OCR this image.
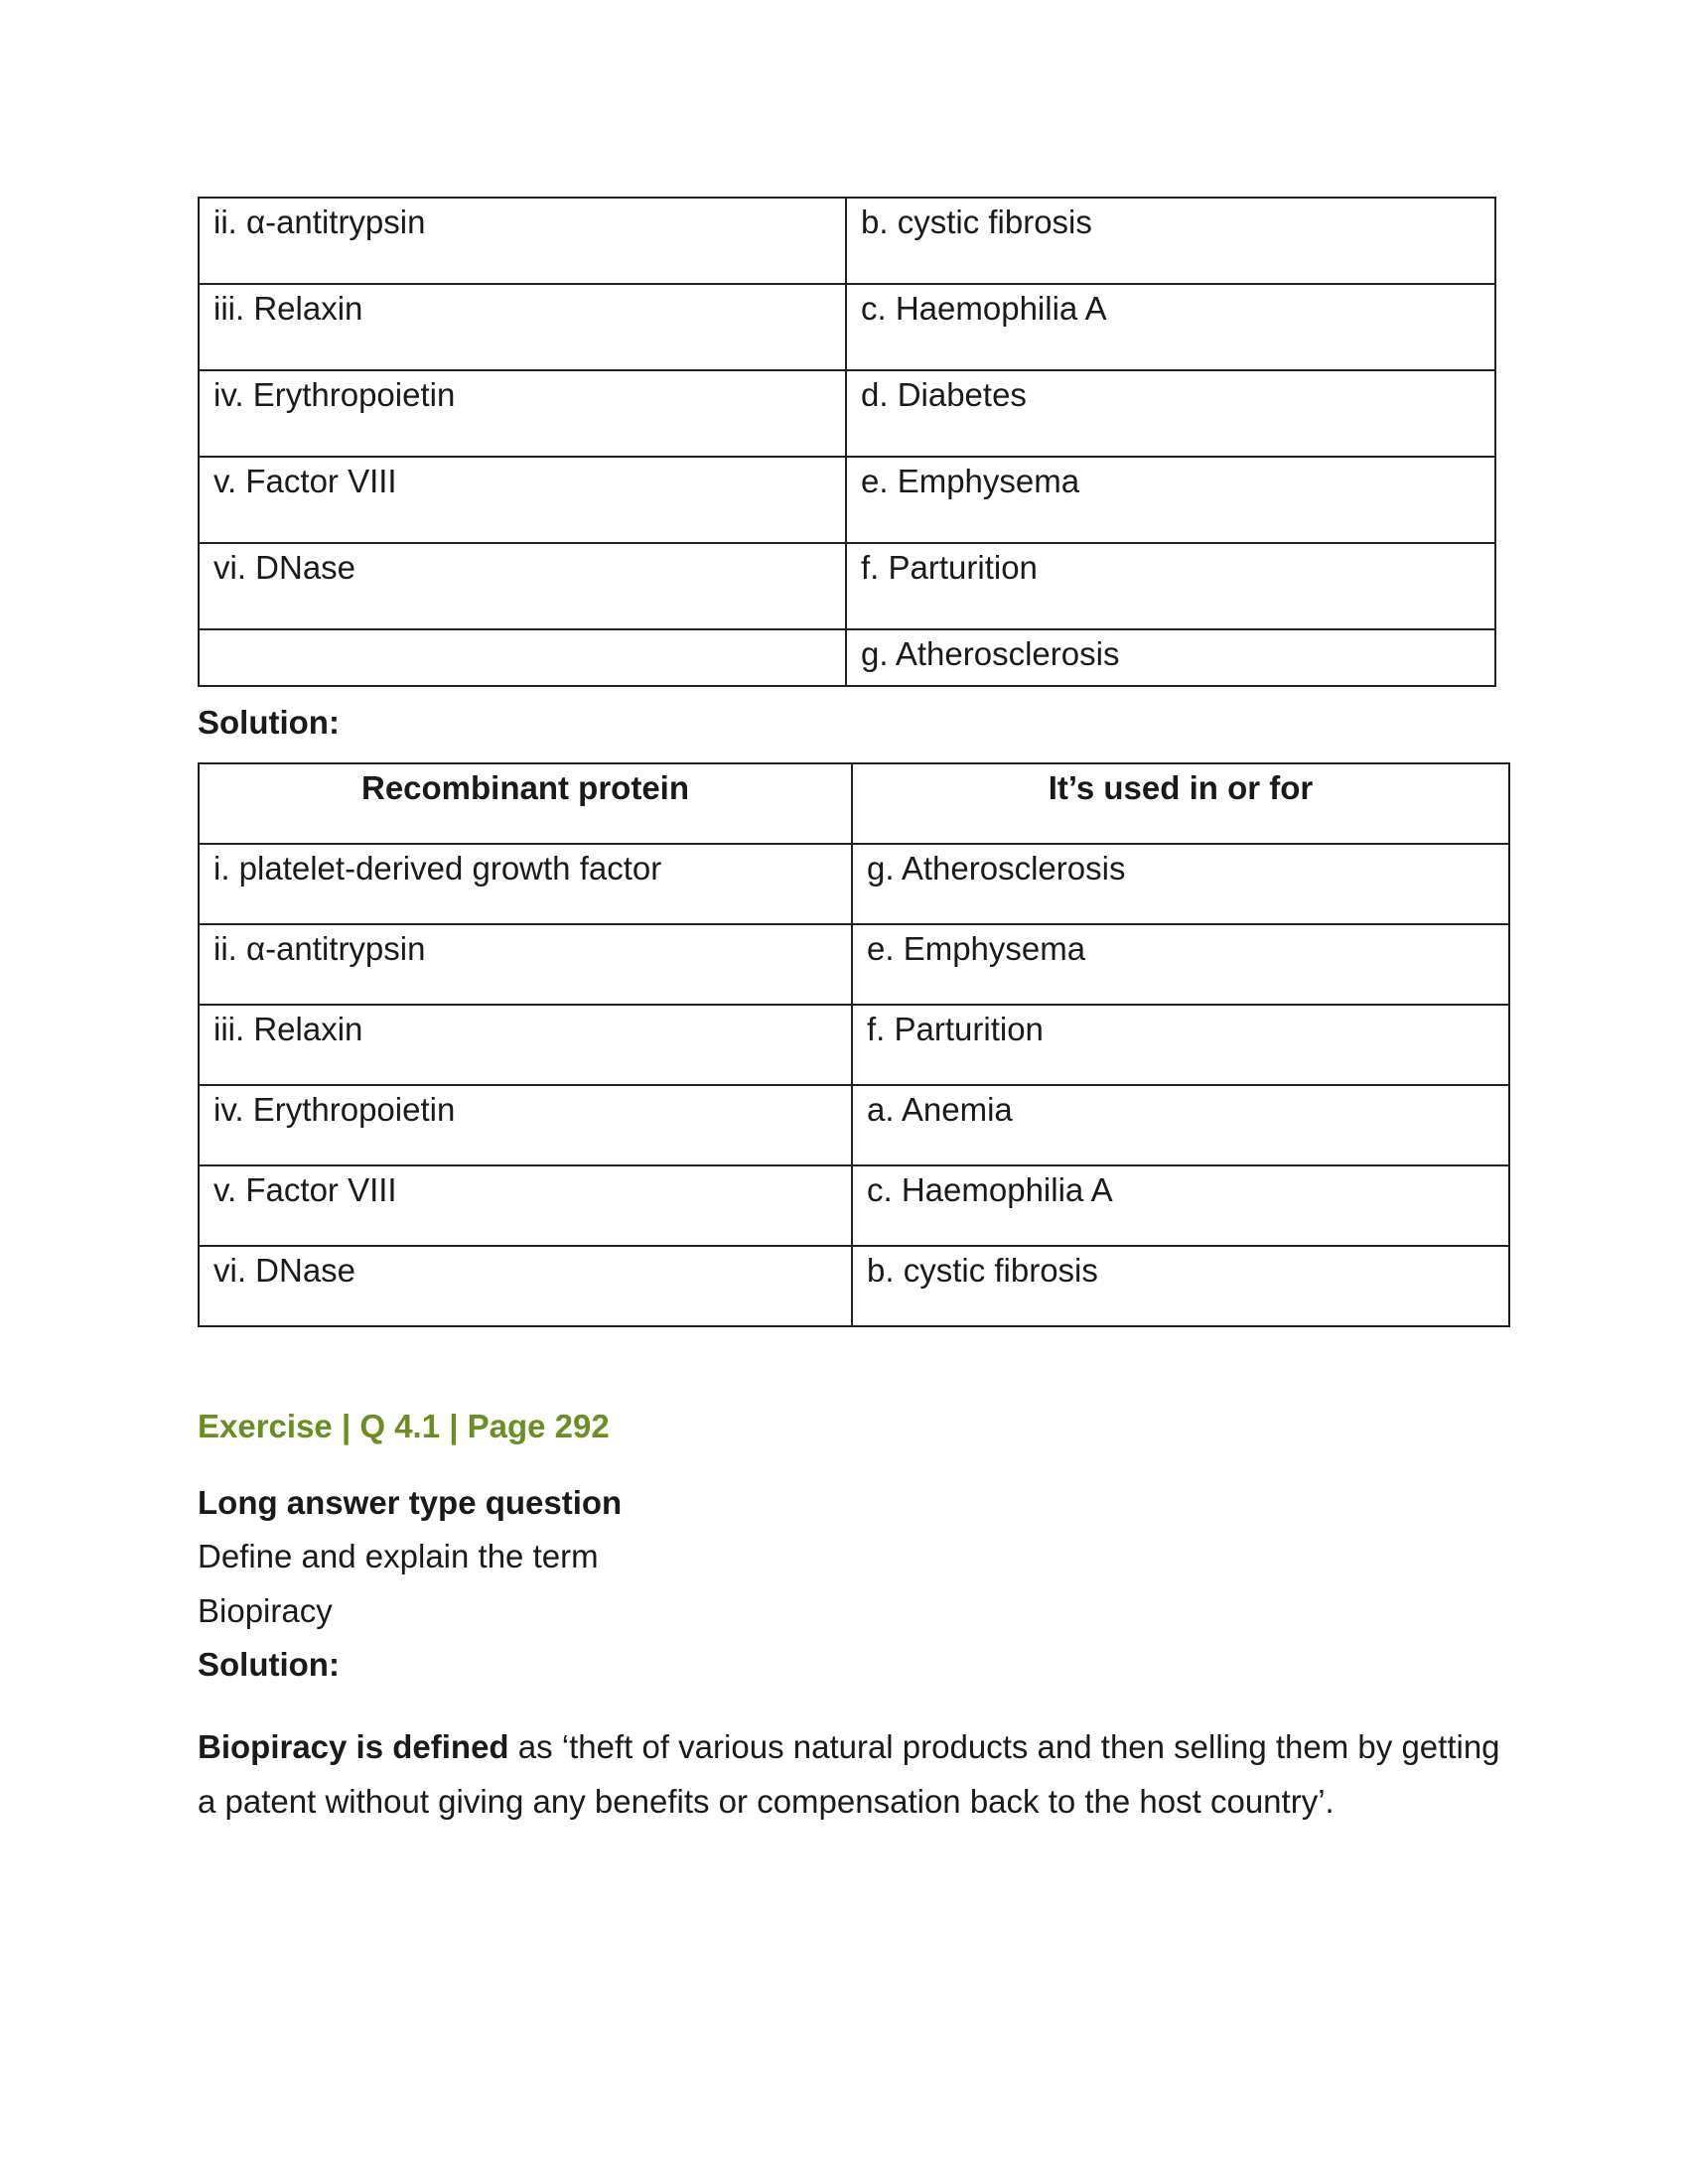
ii. α-antitrypsin	b. cystic fibrosis
iii. Relaxin	c. Haemophilia A
iv. Erythropoietin	d. Diabetes
v. Factor VIII	e. Emphysema
vi. DNase	f. Parturition
	g. Atherosclerosis
Solution:
Recombinant protein	It’s used in or for
i. platelet-derived growth factor	g. Atherosclerosis
ii. α-antitrypsin	e. Emphysema
iii. Relaxin	f. Parturition
iv. Erythropoietin	a. Anemia
v. Factor VIII	c. Haemophilia A
vi. DNase	b. cystic fibrosis
Exercise | Q 4.1 | Page 292
Long answer type question
Define and explain the term
Biopiracy
Solution:
Biopiracy is defined as ‘theft of various natural products and then selling them by getting a patent without giving any benefits or compensation back to the host country’.
